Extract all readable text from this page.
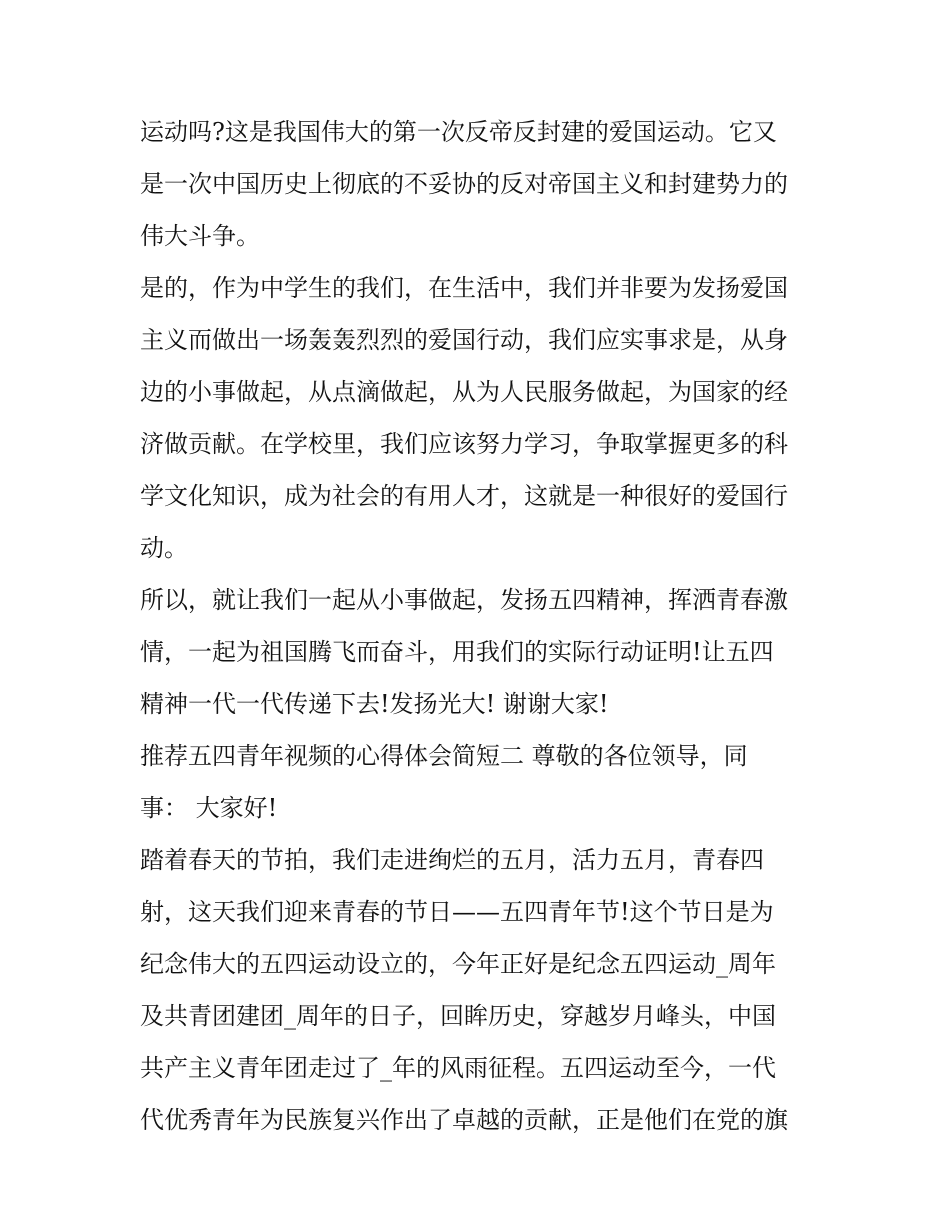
运动吗?这是我国伟大的第一次反帝反封建的爱国运动。它又
是一次中国历史上彻底的不妥协的反对帝国主义和封建势力的
伟大斗争。
是的，作为中学生的我们，在生活中，我们并非要为发扬爱国
主义而做出一场轰轰烈烈的爱国行动，我们应实事求是，从身
边的小事做起，从点滴做起，从为人民服务做起，为国家的经
济做贡献。在学校里，我们应该努力学习，争取掌握更多的科
学文化知识，成为社会的有用人才，这就是一种很好的爱国行
动。
所以，就让我们一起从小事做起，发扬五四精神，挥洒青春激
情，一起为祖国腾飞而奋斗，用我们的实际行动证明!让五四
精神一代一代传递下去!发扬光大! 谢谢大家!
推荐五四青年视频的心得体会简短二 尊敬的各位领导，同
事： 大家好!
踏着春天的节拍，我们走进绚烂的五月，活力五月，青春四
射，这天我们迎来青春的节日——五四青年节!这个节日是为
纪念伟大的五四运动设立的，今年正好是纪念五四运动_周年
及共青团建团_周年的日子，回眸历史，穿越岁月峰头，中国
共产主义青年团走过了_年的风雨征程。五四运动至今，一代
代优秀青年为民族复兴作出了卓越的贡献，正是他们在党的旗
